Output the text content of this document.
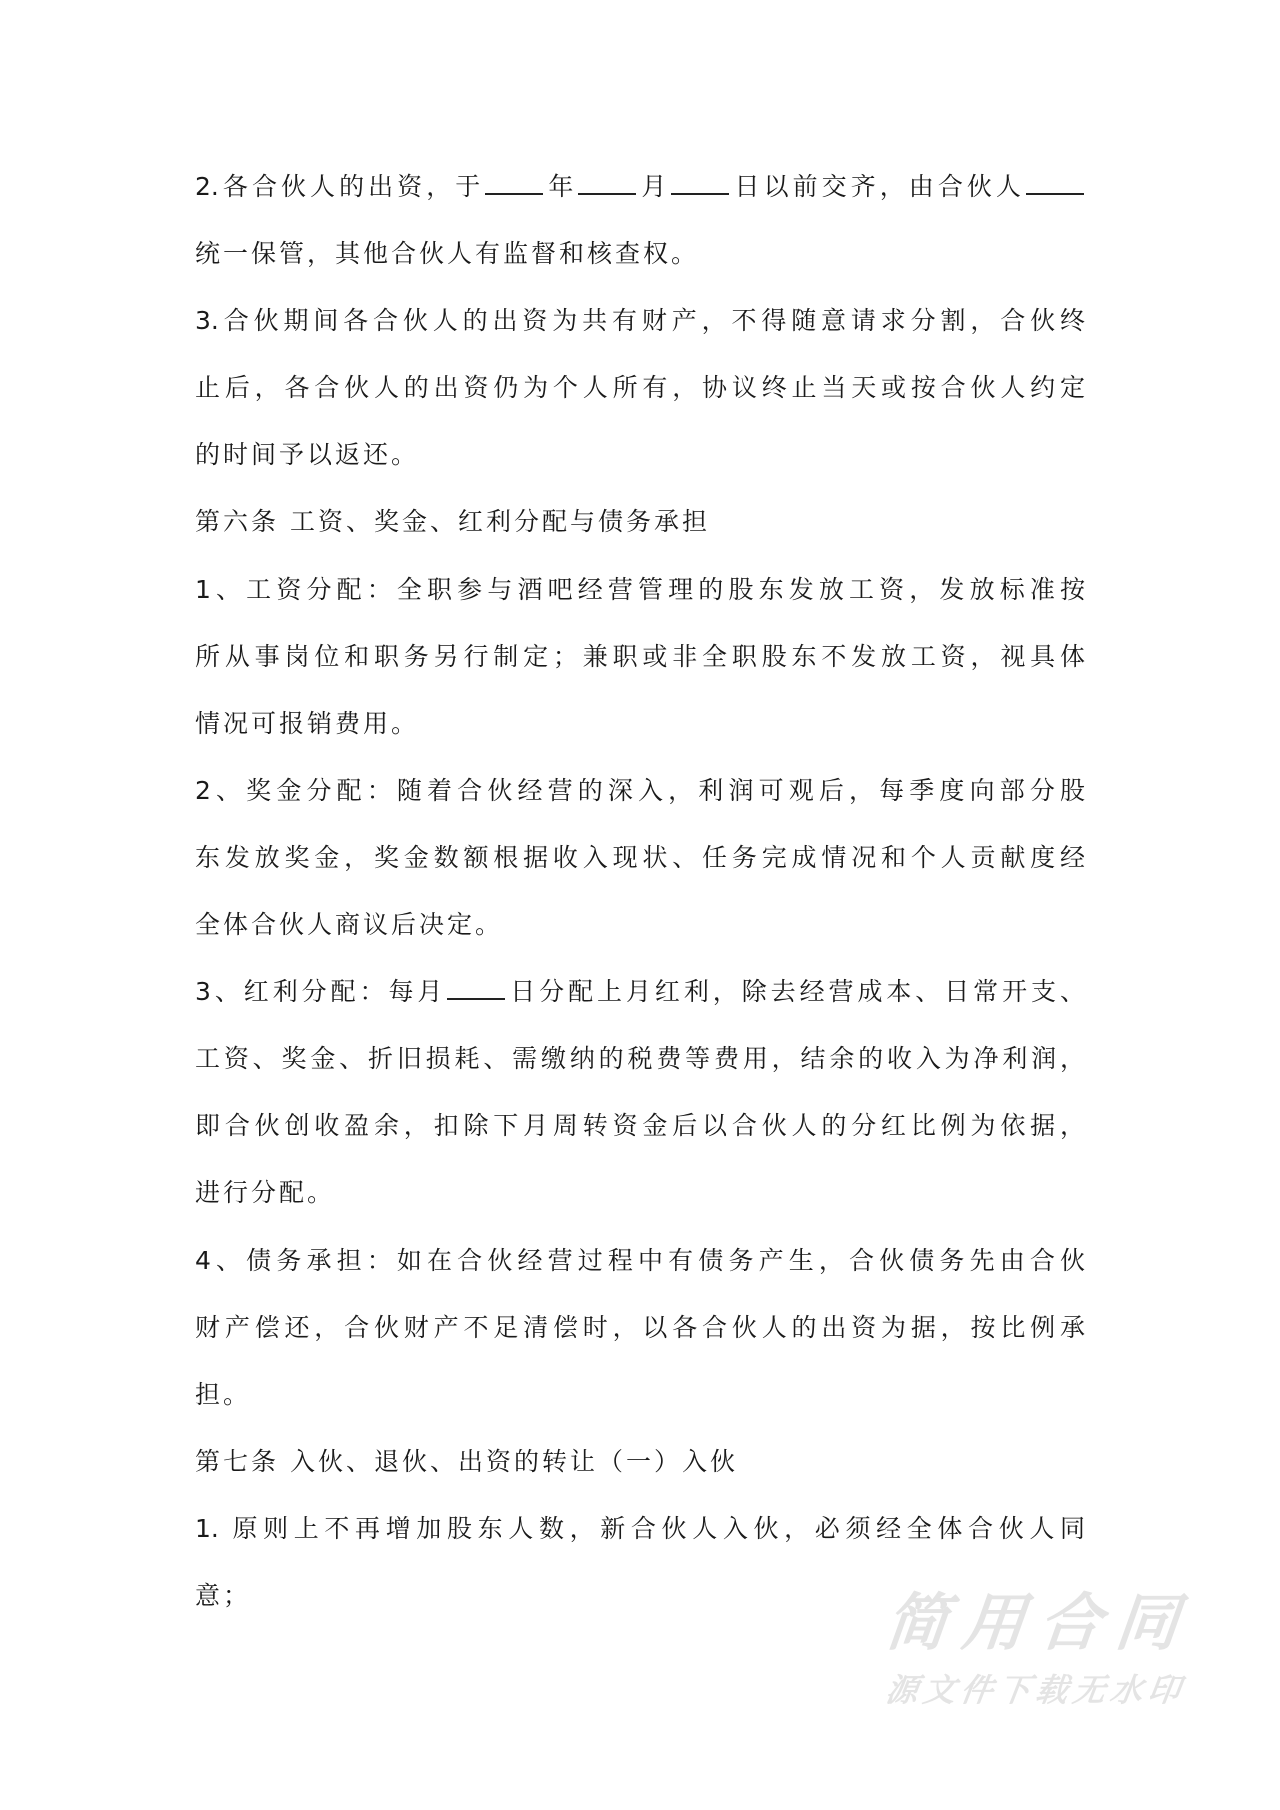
2.各合伙人的出资，于 年 月 日以前交齐，由合伙人
统一保管，其他合伙人有监督和核查权。
3.合伙期间各合伙人的出资为共有财产，不得随意请求分割，合伙终
止后，各合伙人的出资仍为个人所有，协议终止当天或按合伙人约定
的时间予以返还。
第六条 工资、奖金、红利分配与债务承担
1、工资分配：全职参与酒吧经营管理的股东发放工资，发放标准按
所从事岗位和职务另行制定；兼职或非全职股东不发放工资，视具体
情况可报销费用。
2、奖金分配：随着合伙经营的深入，利润可观后，每季度向部分股
东发放奖金，奖金数额根据收入现状、任务完成情况和个人贡献度经
全体合伙人商议后决定。
3、红利分配：每月 日分配上月红利，除去经营成本、日常开支、
工资、奖金、折旧损耗、需缴纳的税费等费用，结余的收入为净利润，
即合伙创收盈余，扣除下月周转资金后以合伙人的分红比例为依据，
进行分配。
4、债务承担：如在合伙经营过程中有债务产生，合伙债务先由合伙
财产偿还，合伙财产不足清偿时，以各合伙人的出资为据，按比例承
担。
第七条 入伙、退伙、出资的转让（一）入伙
1. 原则上不再增加股东人数，新合伙人入伙，必须经全体合伙人同
意；	简用合同
源文件下载无水印
